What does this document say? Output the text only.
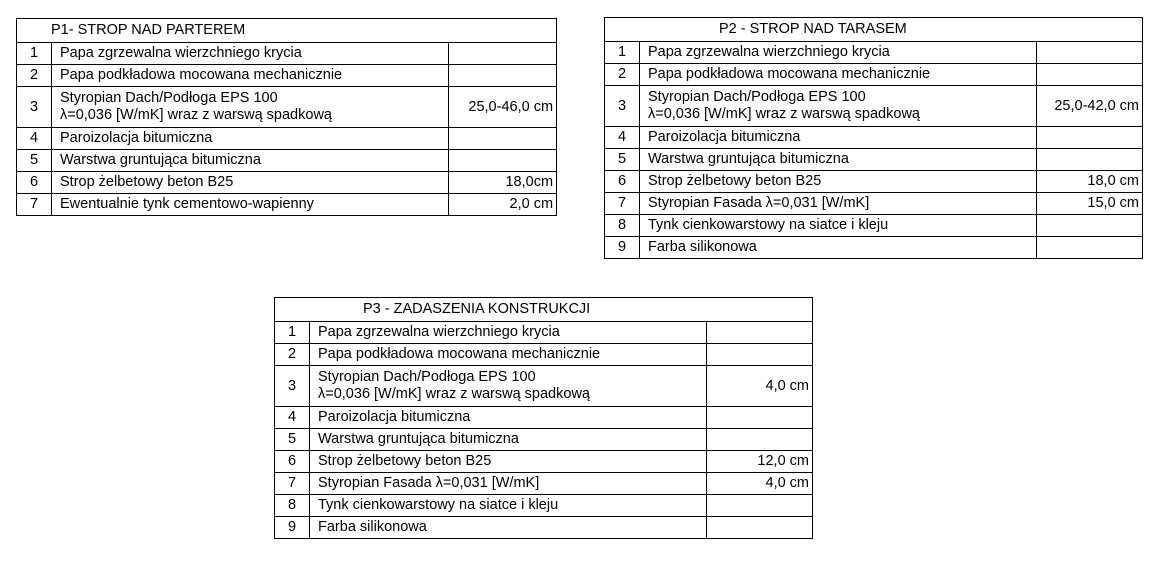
P1- STROP NAD PARTEREM		
1	Papa zgrzewalna wierzchniego krycia	
2	Papa podkładowa mocowana mechanicznie	
3	Styropian Dach/Podłoga EPS 100
λ=0,036 [W/mK] wraz z warswą spadkową	25,0-46,0 cm
4	Paroizolacja bitumiczna	
5	Warstwa gruntująca bitumiczna	
6	Strop żelbetowy beton B25	18,0cm
7	Ewentualnie tynk cementowo-wapienny	2,0 cm
P2 - STROP NAD TARASEM		
1	Papa zgrzewalna wierzchniego krycia	
2	Papa podkładowa mocowana mechanicznie	
3	Styropian Dach/Podłoga EPS 100
λ=0,036 [W/mK] wraz z warswą spadkową	25,0-42,0 cm
4	Paroizolacja bitumiczna	
5	Warstwa gruntująca bitumiczna	
6	Strop żelbetowy beton B25	18,0 cm
7	Styropian Fasada λ=0,031 [W/mK]	15,0 cm
8	Tynk cienkowarstowy na siatce i kleju	
9	Farba silikonowa	
P3 - ZADASZENIA KONSTRUKCJI		
1	Papa zgrzewalna wierzchniego krycia	
2	Papa podkładowa mocowana mechanicznie	
3	Styropian Dach/Podłoga EPS 100
λ=0,036 [W/mK] wraz z warswą spadkową	4,0 cm
4	Paroizolacja bitumiczna	
5	Warstwa gruntująca bitumiczna	
6	Strop żelbetowy beton B25	12,0 cm
7	Styropian Fasada λ=0,031 [W/mK]	4,0 cm
8	Tynk cienkowarstowy na siatce i kleju	
9	Farba silikonowa	
